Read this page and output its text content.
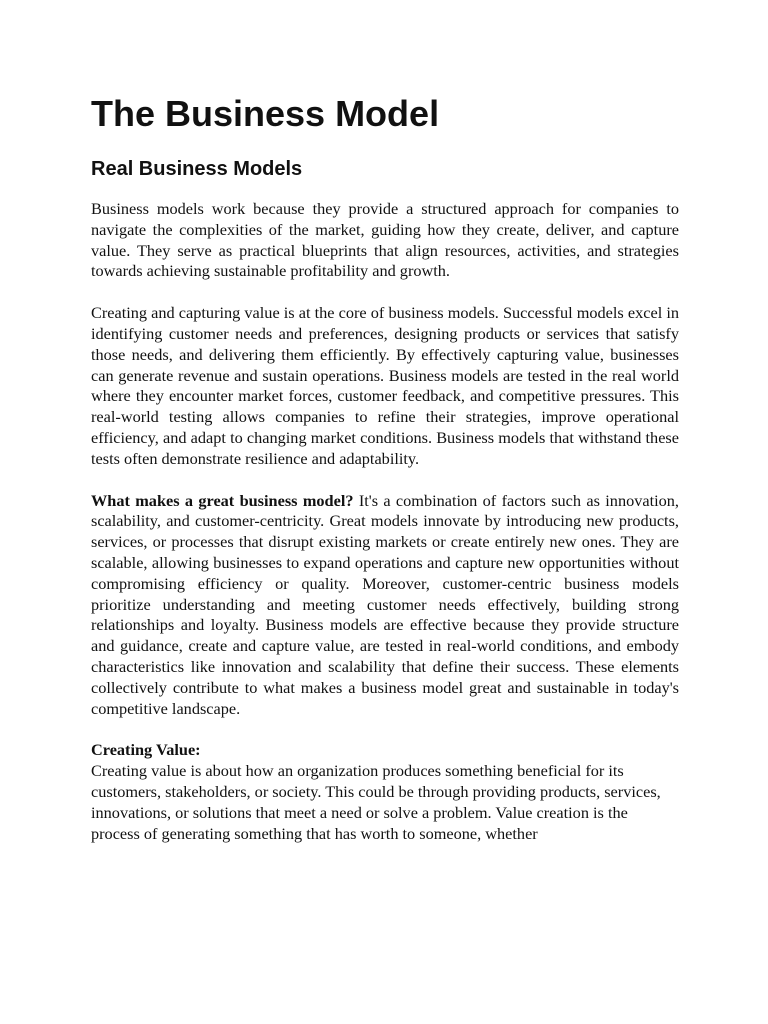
The Business Model
Real Business Models

Business models work because they provide a structured approach for companies to navigate the complexities of the market, guiding how they create, deliver, and capture value. They serve as practical blueprints that align resources, activities, and strategies towards achieving sustainable profitability and growth.

Creating and capturing value is at the core of business models. Successful models excel in identifying customer needs and preferences, designing products or services that satisfy those needs, and delivering them efficiently. By effectively capturing value, businesses can generate revenue and sustain operations. Business models are tested in the real world where they encounter market forces, customer feedback, and competitive pressures. This real-world testing allows companies to refine their strategies, improve operational efficiency, and adapt to changing market conditions. Business models that withstand these tests often demonstrate resilience and adaptability.

What makes a great business model? It's a combination of factors such as innovation, scalability, and customer-centricity. Great models innovate by introducing new products, services, or processes that disrupt existing markets or create entirely new ones. They are scalable, allowing businesses to expand operations and capture new opportunities without compromising efficiency or quality. Moreover, customer-centric business models prioritize understanding and meeting customer needs effectively, building strong relationships and loyalty. Business models are effective because they provide structure and guidance, create and capture value, are tested in real-world conditions, and embody characteristics like innovation and scalability that define their success. These elements collectively contribute to what makes a business model great and sustainable in today's competitive landscape.

Creating Value:

Creating value is about how an organization produces something beneficial for its customers, stakeholders, or society. This could be through providing products, services, innovations, or solutions that meet a need or solve a problem. Value creation is the process of generating something that has worth to someone, whether
